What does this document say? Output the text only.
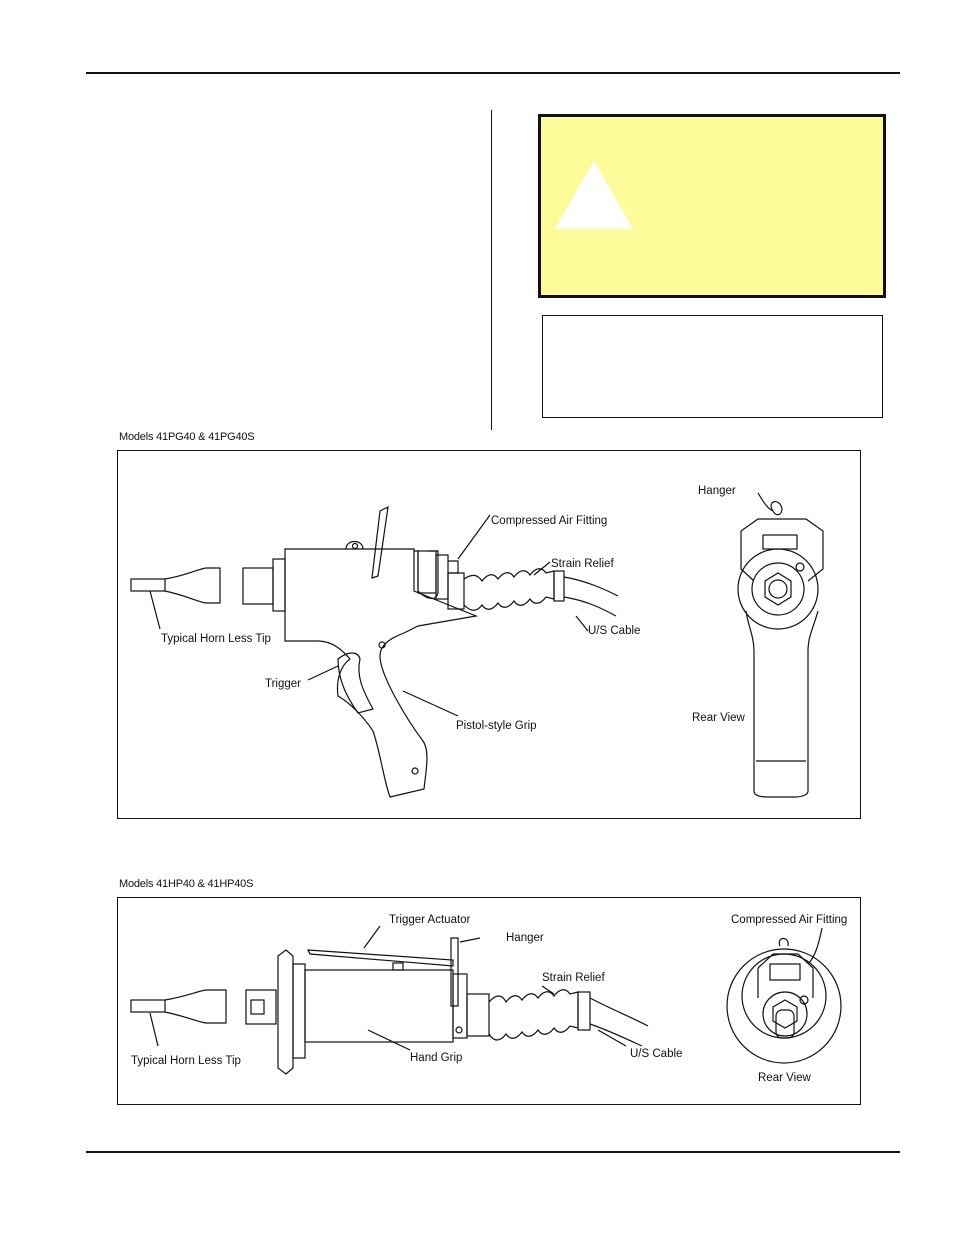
Models 41PG40 & 41PG40S
Hanger
Compressed Air Fitting
Strain Relief
Typical Horn Less Tip
U/S Cable
Trigger
Rear View
Pistol-style Grip
Models 41HP40 & 41HP40S
Trigger Actuator
Hanger
Compressed Air Fitting
Strain Relief
Typical Horn Less Tip	Hand Grip	U/S Cable
Rear View
